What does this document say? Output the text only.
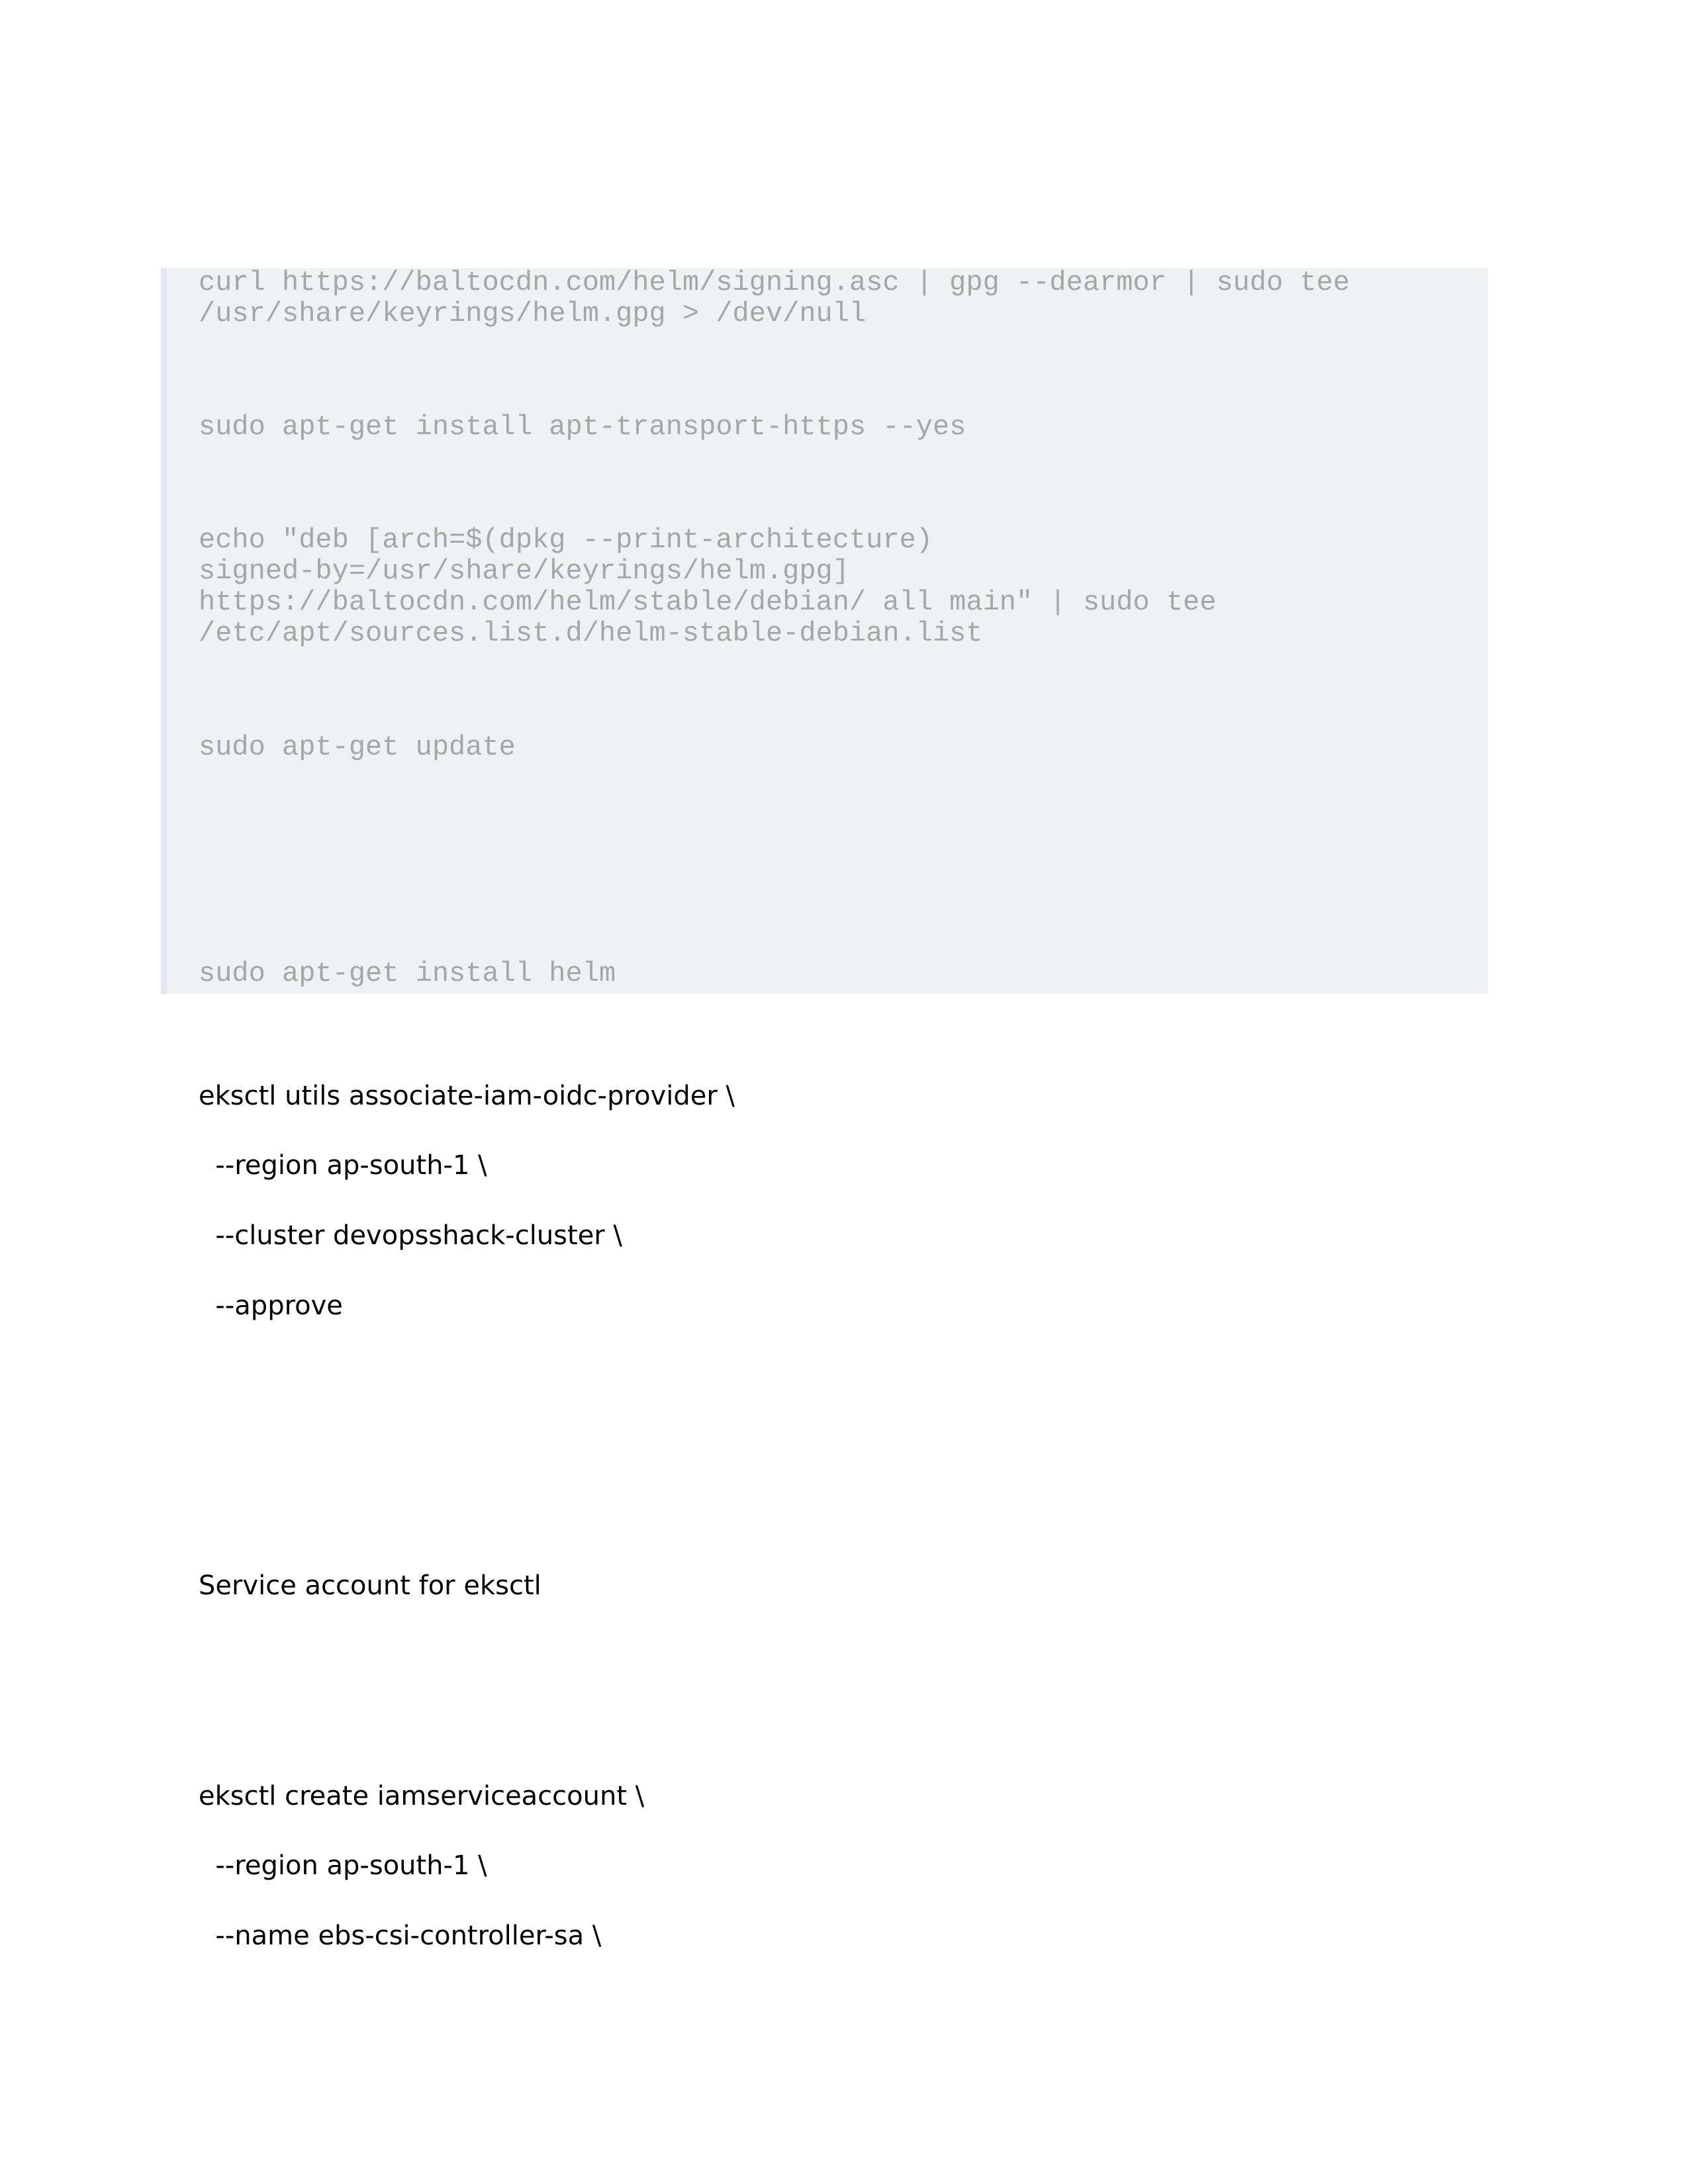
curl https://baltocdn.com/helm/signing.asc | gpg --dearmor | sudo tee
/usr/share/keyrings/helm.gpg > /dev/null
sudo apt-get install apt-transport-https --yes
echo "deb [arch=$(dpkg --print-architecture)
signed-by=/usr/share/keyrings/helm.gpg]
https://baltocdn.com/helm/stable/debian/ all main" | sudo tee
/etc/apt/sources.list.d/helm-stable-debian.list
sudo apt-get update
sudo apt-get install helm
eksctl utils associate-iam-oidc-provider \
--region ap-south-1 \
--cluster devopsshack-cluster \
--approve
Service account for eksctl
eksctl create iamserviceaccount \
--region ap-south-1 \
--name ebs-csi-controller-sa \
